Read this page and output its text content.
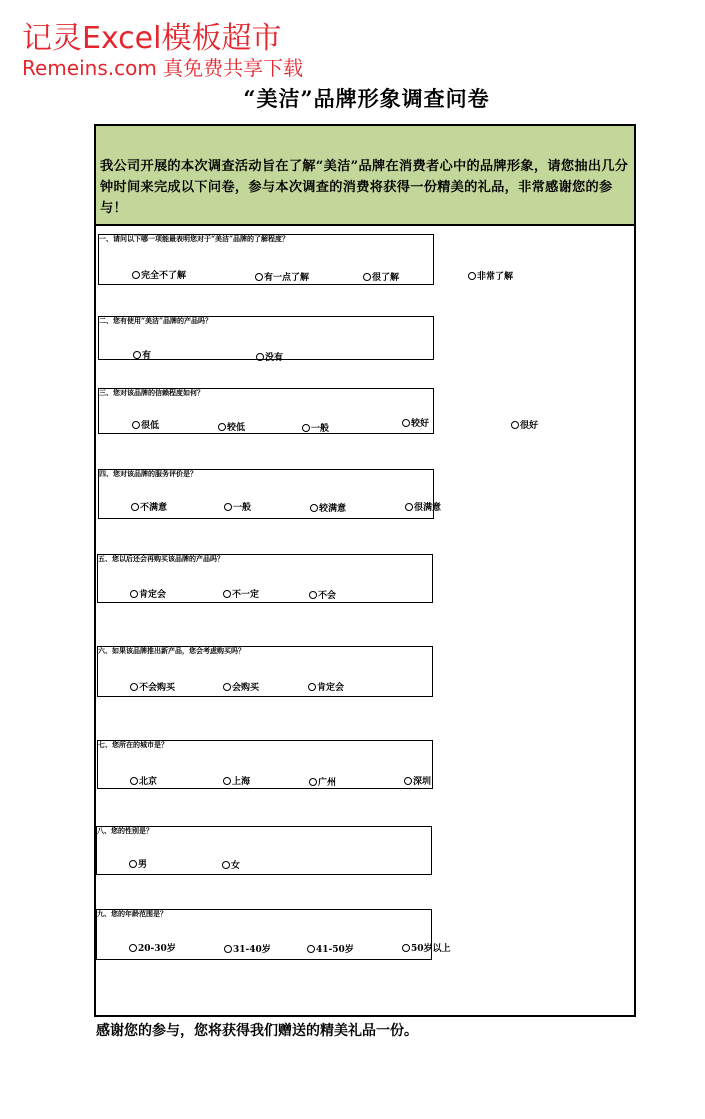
记灵Excel模板超市
Remeins.com 真免费共享下载
“美洁”品牌形象调查问卷

我公司开展的本次调查活动旨在了解“美洁”品牌在消费者心中的品牌形象，请您抽出几分钟时间来完成以下问卷，参与本次调查的消费将获得一份精美的礼品，非常感谢您的参与！

一、请问以下哪一项能最表明您对于“美洁”品牌的了解程度？
完全不了解	有一点了解	很了解	非常了解
二、您有使用“美洁”品牌的产品吗？
有	没有
三、您对该品牌的信赖程度如何？
很低	较低	一般	较好	很好
四、您对该品牌的服务评价是？
不满意	一般	较满意	很满意
五、您以后还会再购买该品牌的产品吗？
肯定会	不一定	不会
六、如果该品牌推出新产品，您会考虑购买吗？
不会购买	会购买	肯定会
七、您所在的城市是？
北京	上海	广州	深圳
八、您的性别是？
男	女
九、您的年龄范围是？
20-30岁	31-40岁	41-50岁	50岁以上
感谢您的参与，您将获得我们赠送的精美礼品一份。
